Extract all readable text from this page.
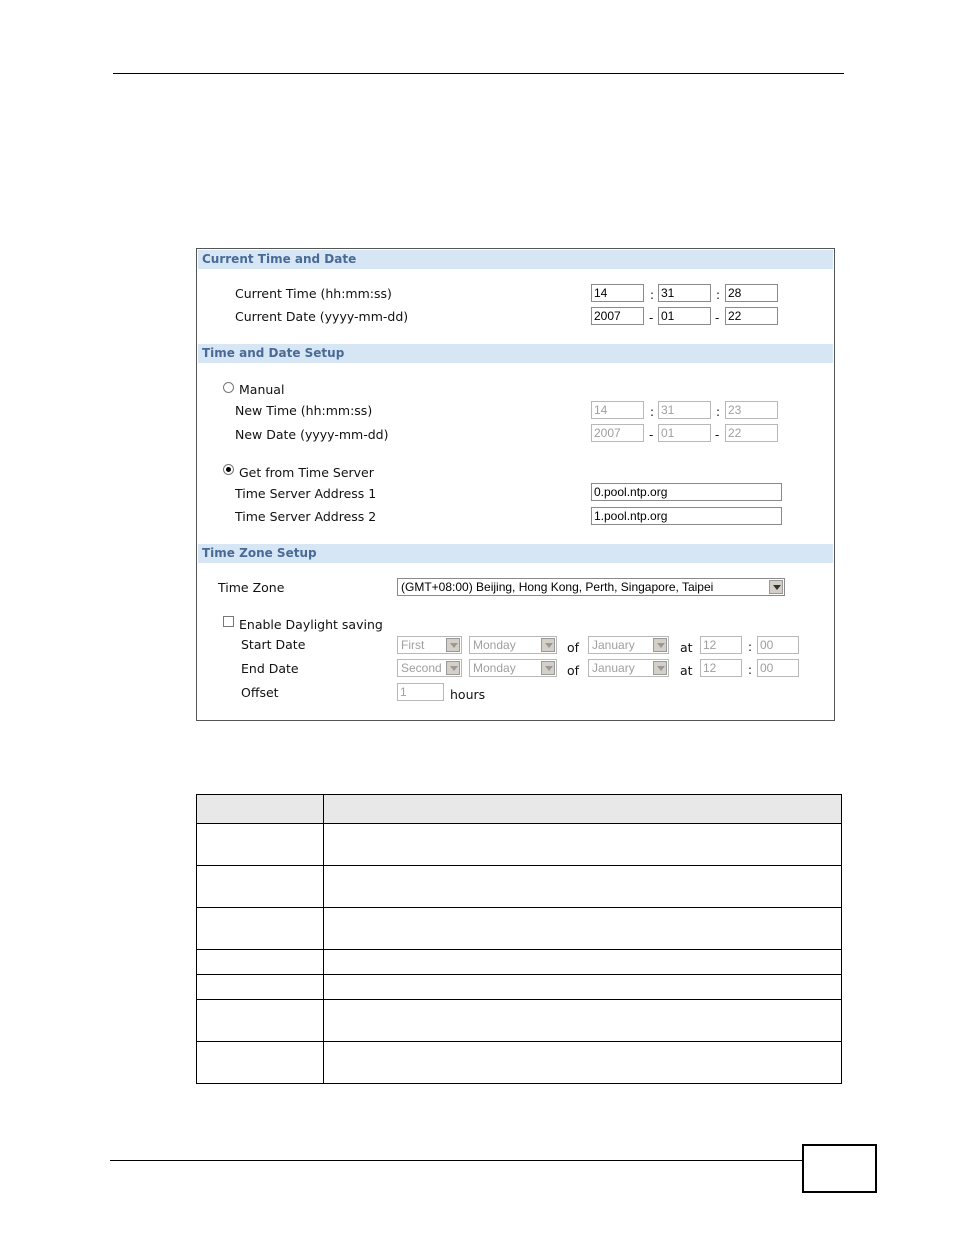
Current Time and Date
Current Time (hh:mm:ss)	14	: 31	: 28
Current Date (yyyy-mm-dd)	2007	- 01	- 22
Time and Date Setup
Manual
New Time (hh:mm:ss)	14	: 31	: 23
New Date (yyyy-mm-dd)	2007	- 01	- 22
Get from Time Server
Time Server Address 1	0.pool.ntp.org
Time Server Address 2	1.pool.ntp.org
Time Zone Setup
Time Zone	(GMT+08:00) Beijing, Hong Kong, Perth, Singapore, Taipei
Enable Daylight saving
Start Date	First	Monday	of	January	at 12	: 00
End Date	Second	Monday	of	January	at 12	: 00
Offset	1	hours
